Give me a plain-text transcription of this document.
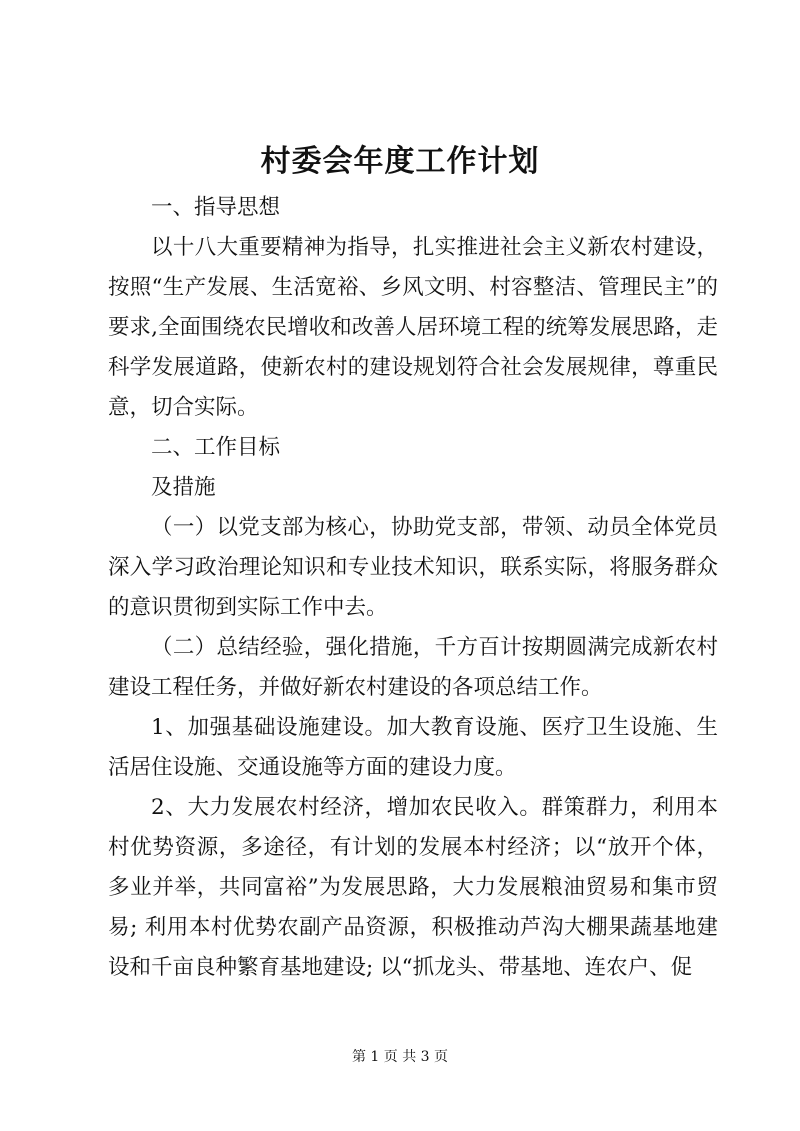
村委会年度工作计划

一、指导思想

以十八大重要精神为指导，扎实推进社会主义新农村建设，按照“生产发展、生活宽裕、乡风文明、村容整洁、管理民主”的要求,全面围绕农民增收和改善人居环境工程的统筹发展思路，走科学发展道路，使新农村的建设规划符合社会发展规律，尊重民意，切合实际。

二、工作目标

及措施

（一）以党支部为核心，协助党支部，带领、动员全体党员深入学习政治理论知识和专业技术知识，联系实际，将服务群众的意识贯彻到实际工作中去。

（二）总结经验，强化措施，千方百计按期圆满完成新农村建设工程任务，并做好新农村建设的各项总结工作。

1、加强基础设施建设。加大教育设施、医疗卫生设施、生活居住设施、交通设施等方面的建设力度。

2、大力发展农村经济，增加农民收入。群策群力，利用本村优势资源，多途径，有计划的发展本村经济；以“放开个体，多业并举，共同富裕”为发展思路，大力发展粮油贸易和集市贸易; 利用本村优势农副产品资源，积极推动芦沟大棚果蔬基地建设和千亩良种繁育基地建设; 以“抓龙头、带基地、连农户、促

第 1 页 共 3 页
